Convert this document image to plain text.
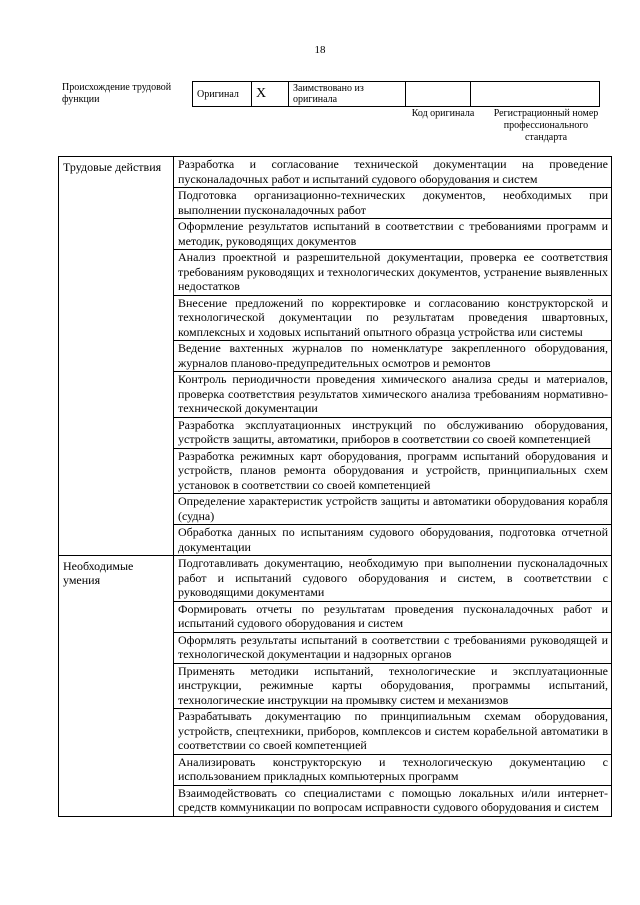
18
Происхождение трудовой функции	Оригинал	X	Заимствовано из оригинала		
Код оригинала	Регистрационный номер профессионального стандарта
Трудовые действия	Разработка и согласование технической документации на проведение пусконаладочных работ и испытаний судового оборудования и систем
	Подготовка организационно-технических документов, необходимых при выполнении пусконаладочных работ
	Оформление результатов испытаний в соответствии с требованиями программ и методик, руководящих документов
	Анализ проектной и разрешительной документации, проверка ее соответствия требованиям руководящих и технологических документов, устранение выявленных недостатков
	Внесение предложений по корректировке и согласованию конструкторской и технологической документации по результатам проведения швартовных, комплексных и ходовых испытаний опытного образца устройства или системы
	Ведение вахтенных журналов по номенклатуре закрепленного оборудования, журналов планово-предупредительных осмотров и ремонтов
	Контроль периодичности проведения химического анализа среды и материалов, проверка соответствия результатов химического анализа требованиям нормативно-технической документации
	Разработка эксплуатационных инструкций по обслуживанию оборудования, устройств защиты, автоматики, приборов в соответствии со своей компетенцией
	Разработка режимных карт оборудования, программ испытаний оборудования и устройств, планов ремонта оборудования и устройств, принципиальных схем установок в соответствии со своей компетенцией
	Определение характеристик устройств защиты и автоматики оборудования корабля (судна)
	Обработка данных по испытаниям судового оборудования, подготовка отчетной документации
Необходимые умения	Подготавливать документацию, необходимую при выполнении пусконаладочных работ и испытаний судового оборудования и систем, в соответствии с руководящими документами
	Формировать отчеты по результатам проведения пусконаладочных работ и испытаний судового оборудования и систем
	Оформлять результаты испытаний в соответствии с требованиями руководящей и технологической документации и надзорных органов
	Применять методики испытаний, технологические и эксплуатационные инструкции, режимные карты оборудования, программы испытаний, технологические инструкции на промывку систем и механизмов
	Разрабатывать документацию по принципиальным схемам оборудования, устройств, спецтехники, приборов, комплексов и систем корабельной автоматики в соответствии со своей компетенцией
	Анализировать конструкторскую и технологическую документацию с использованием прикладных компьютерных программ
	Взаимодействовать со специалистами с помощью локальных и/или интернет-средств коммуникации по вопросам исправности судового оборудования и систем
